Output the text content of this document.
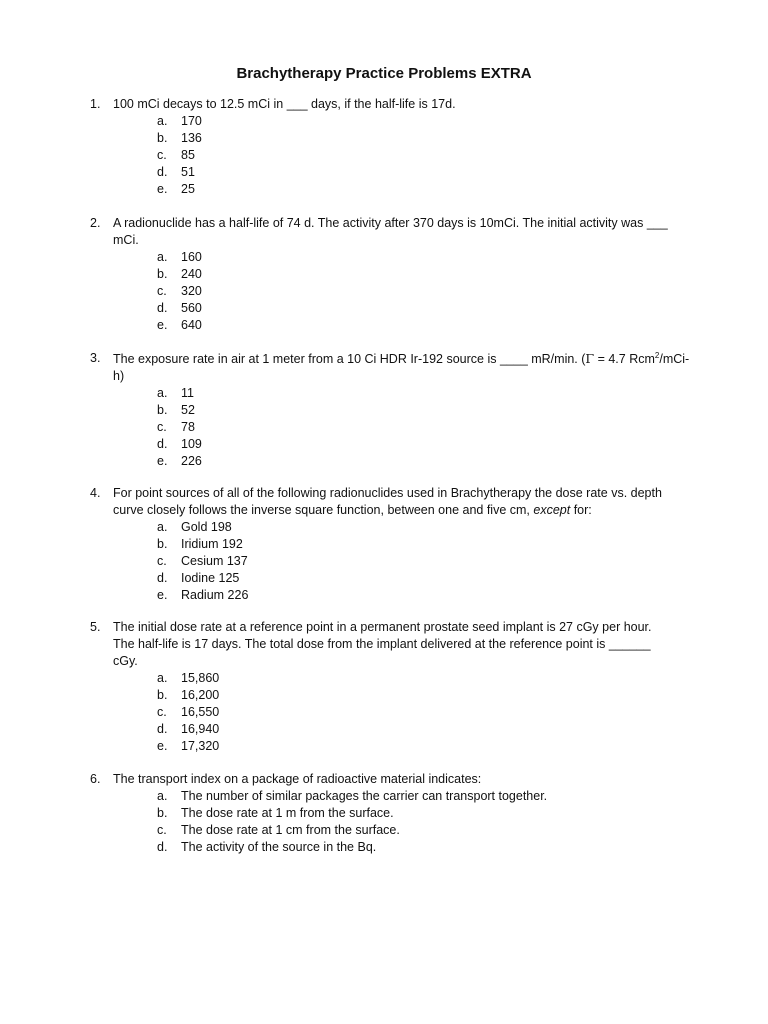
Brachytherapy Practice Problems EXTRA
1. 100 mCi decays to 12.5 mCi in ___ days, if the half-life is 17d.
a. 170
b. 136
c. 85
d. 51
e. 25
2. A radionuclide has a half-life of 74 d. The activity after 370 days is 10mCi. The initial activity was ___ mCi.
a. 160
b. 240
c. 320
d. 560
e. 640
3. The exposure rate in air at 1 meter from a 10 Ci HDR Ir-192 source is ____ mR/min. (Γ = 4.7 Rcm$^2$/mCi-h)
a. 11
b. 52
c. 78
d. 109
e. 226
4. For point sources of all of the following radionuclides used in Brachytherapy the dose rate vs. depth curve closely follows the inverse square function, between one and five cm, except for:
a. Gold 198
b. Iridium 192
c. Cesium 137
d. Iodine 125
e. Radium 226
5. The initial dose rate at a reference point in a permanent prostate seed implant is 27 cGy per hour.
The half-life is 17 days. The total dose from the implant delivered at the reference point is ______
cGy.
a. 15,860
b. 16,200
c. 16,550
d. 16,940
e. 17,320
6. The transport index on a package of radioactive material indicates:
a. The number of similar packages the carrier can transport together.
b. The dose rate at 1 m from the surface.
c. The dose rate at 1 cm from the surface.
d. The activity of the source in the Bq.
